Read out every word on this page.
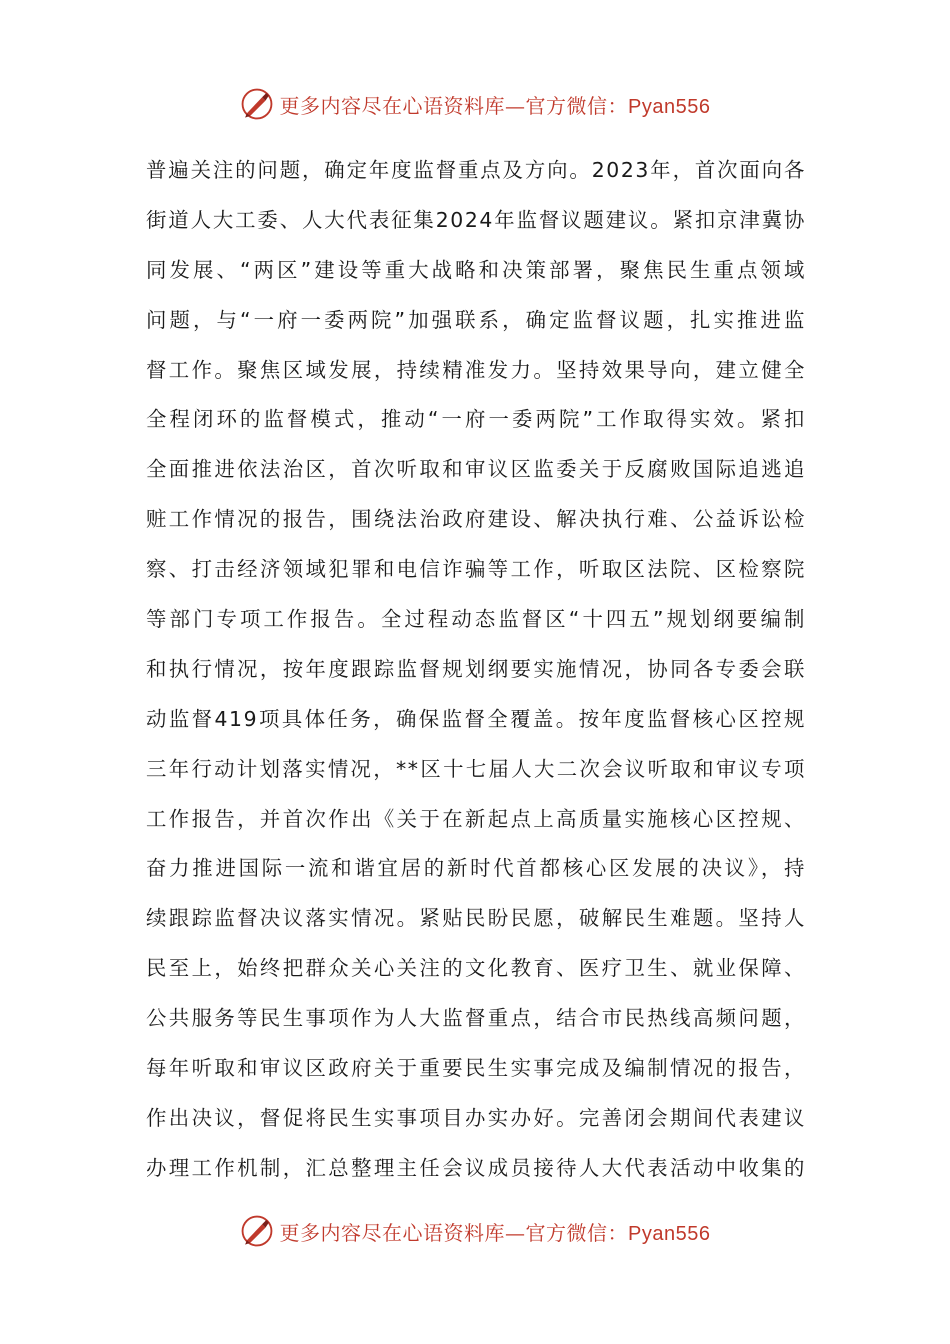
更多内容尽在心语资料库—官方微信：Pyan556
普遍关注的问题，确定年度监督重点及方向。2023年，首次面向各
街道人大工委、人大代表征集2024年监督议题建议。紧扣京津冀协
同发展、“两区”建设等重大战略和决策部署，聚焦民生重点领域
问题，与“一府一委两院”加强联系，确定监督议题，扎实推进监
督工作。聚焦区域发展，持续精准发力。坚持效果导向，建立健全
全程闭环的监督模式，推动“一府一委两院”工作取得实效。紧扣
全面推进依法治区，首次听取和审议区监委关于反腐败国际追逃追
赃工作情况的报告，围绕法治政府建设、解决执行难、公益诉讼检
察、打击经济领域犯罪和电信诈骗等工作，听取区法院、区检察院
等部门专项工作报告。全过程动态监督区“十四五”规划纲要编制
和执行情况，按年度跟踪监督规划纲要实施情况，协同各专委会联
动监督419项具体任务，确保监督全覆盖。按年度监督核心区控规
三年行动计划落实情况，**区十七届人大二次会议听取和审议专项
工作报告，并首次作出《关于在新起点上高质量实施核心区控规、
奋力推进国际一流和谐宜居的新时代首都核心区发展的决议》，持
续跟踪监督决议落实情况。紧贴民盼民愿，破解民生难题。坚持人
民至上，始终把群众关心关注的文化教育、医疗卫生、就业保障、
公共服务等民生事项作为人大监督重点，结合市民热线高频问题，
每年听取和审议区政府关于重要民生实事完成及编制情况的报告，
作出决议，督促将民生实事项目办实办好。完善闭会期间代表建议
办理工作机制，汇总整理主任会议成员接待人大代表活动中收集的
更多内容尽在心语资料库—官方微信：Pyan556
